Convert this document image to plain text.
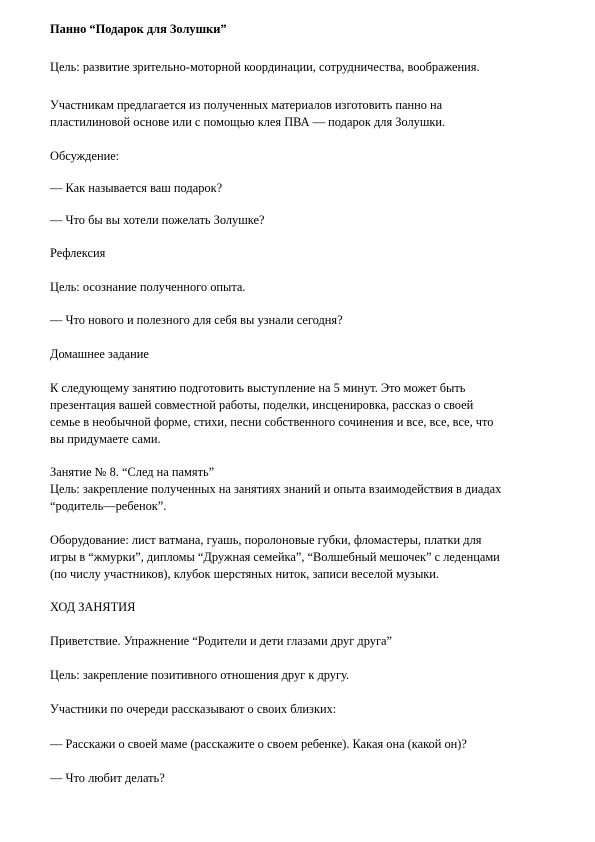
Панно “Подарок для Золушки”

Цель: развитие зрительно-моторной координации, сотрудничества, воображения.

Участникам предлагается из полученных материалов изготовить панно на
пластилиновой основе или с помощью клея ПВА — подарок для Золушки.

Обсуждение:

— Как называется ваш подарок?

— Что бы вы хотели пожелать Золушке?

Рефлексия

Цель: осознание полученного опыта.

— Что нового и полезного для себя вы узнали сегодня?

Домашнее задание

К следующему занятию подготовить выступление на 5 минут. Это может быть
презентация вашей совместной работы, поделки, инсценировка, рассказ о своей
семье в необычной форме, стихи, песни собственного сочинения и все, все, все, что
вы придумаете сами.
Занятие № 8. “След на память”
Цель: закрепление полученных на занятиях знаний и опыта взаимодействия в диадах
“родитель—ребенок”.
Оборудование: лист ватмана, гуашь, поролоновые губки, фломастеры, платки для
игры в “жмурки”, дипломы “Дружная семейка”, “Волшебный мешочек” с леденцами
(по числу участников), клубок шерстяных ниток, записи веселой музыки.

ХОД ЗАНЯТИЯ

Приветствие. Упражнение “Родители и дети глазами друг друга”

Цель: закрепление позитивного отношения друг к другу.

Участники по очереди рассказывают о своих близких:

— Расскажи о своей маме (расскажите о своем ребенке). Какая она (какой он)?

— Что любит делать?
